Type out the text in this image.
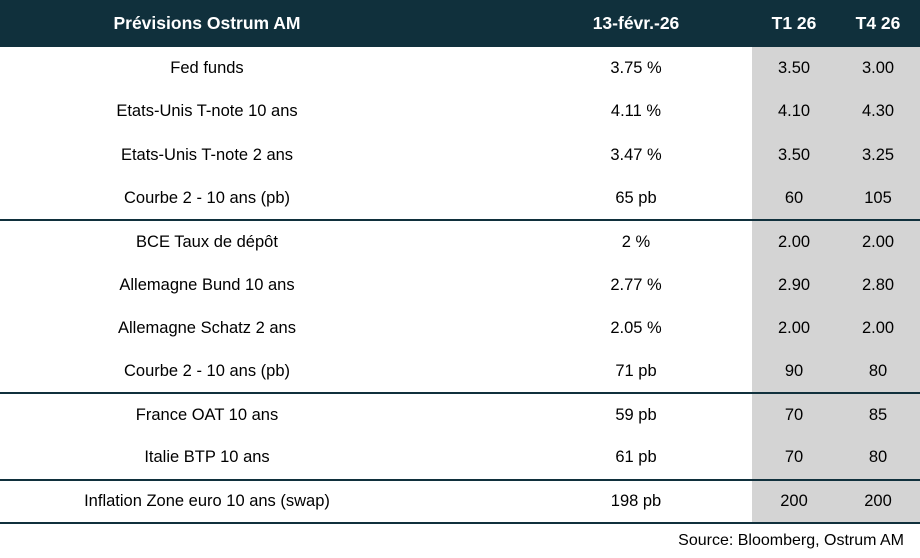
Prévisions Ostrum AM	13-févr.-26	T1 26	T4 26
Fed funds	3.75 %	3.50	3.00
Etats-Unis T-note 10 ans	4.11 %	4.10	4.30
Etats-Unis T-note 2 ans	3.47 %	3.50	3.25
Courbe 2 - 10 ans (pb)	65 pb	60	105
BCE Taux de dépôt	2 %	2.00	2.00
Allemagne Bund 10 ans	2.77 %	2.90	2.80
Allemagne Schatz 2 ans	2.05 %	2.00	2.00
Courbe 2 - 10 ans (pb)	71 pb	90	80
France OAT 10 ans	59 pb	70	85
Italie BTP 10 ans	61 pb	70	80
Inflation Zone euro 10 ans (swap)	198 pb	200	200
Source: Bloomberg, Ostrum AM
